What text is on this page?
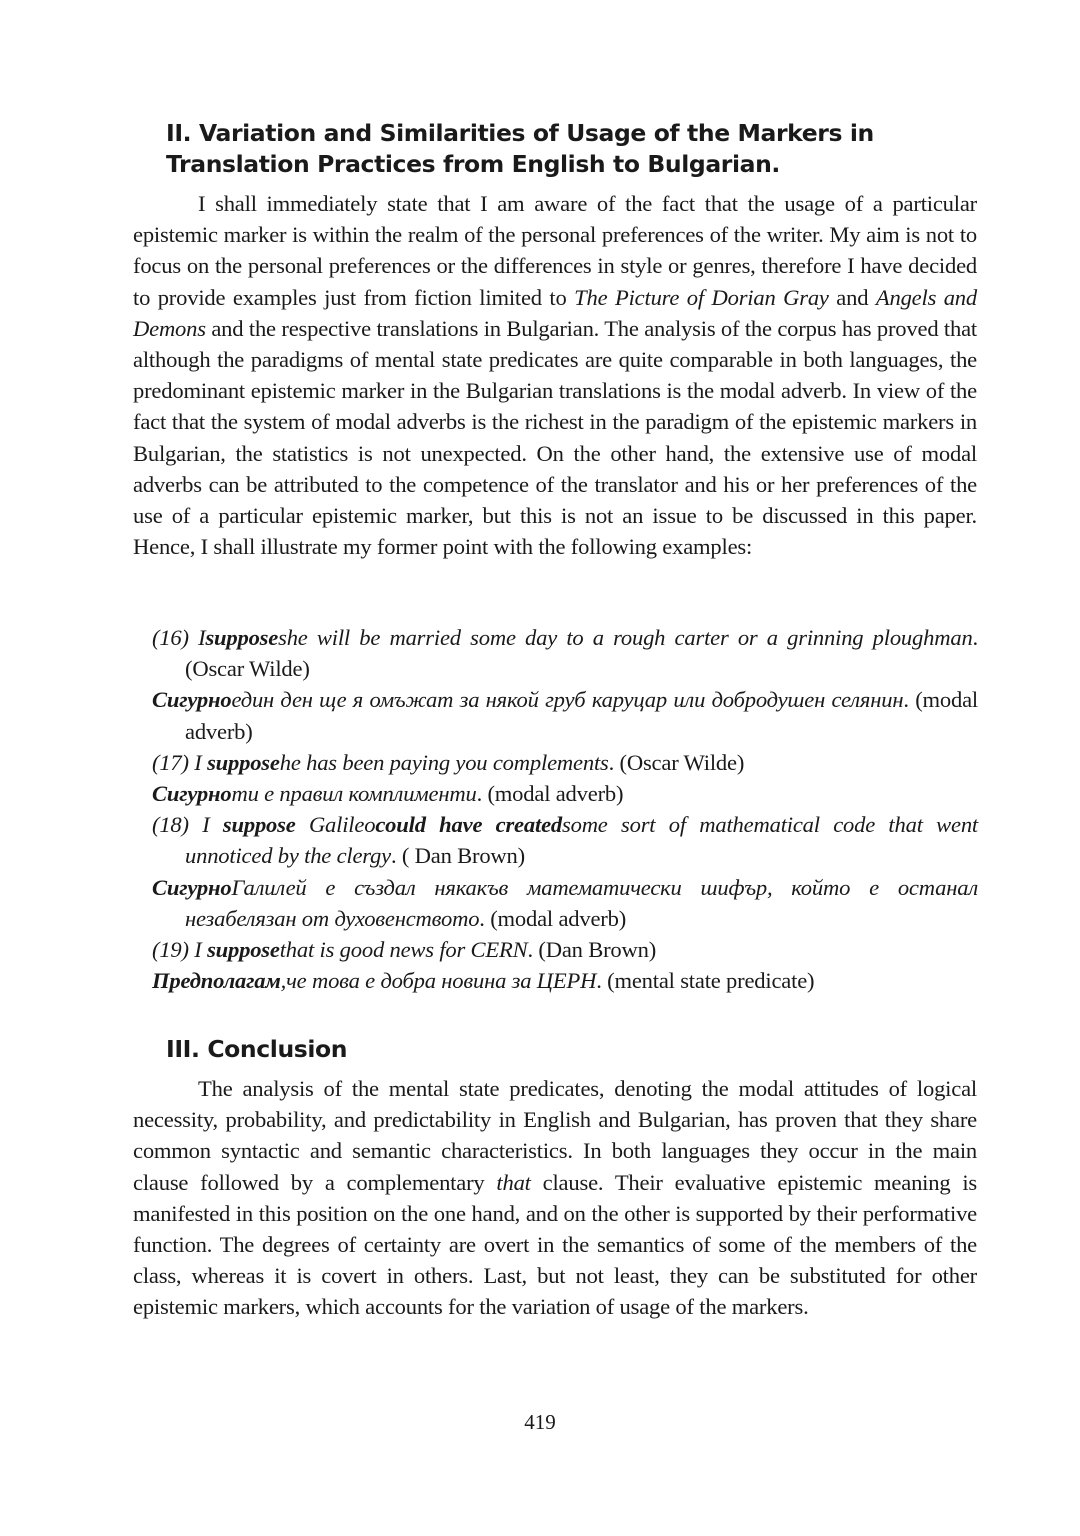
II. Variation and Similarities of Usage of the Markers in Translation Practices from English to Bulgarian.

I shall immediately state that I am aware of the fact that the usage of a particular epistemic marker is within the realm of the personal preferences of the writer. My aim is not to focus on the personal preferences or the differences in style or genres, therefore I have decided to provide examples just from fiction limited to The Picture of Dorian Gray and Angels and Demons and the respective translations in Bulgarian. The analysis of the corpus has proved that although the paradigms of mental state predicates are quite comparable in both languages, the predominant epistemic marker in the Bulgarian translations is the modal adverb. In view of the fact that the system of modal adverbs is the richest in the paradigm of the epistemic markers in Bulgarian, the statistics is not unexpected. On the other hand, the extensive use of modal adverbs can be attributed to the competence of the translator and his or her preferences of the use of a particular epistemic marker, but this is not an issue to be discussed in this paper. Hence, I shall illustrate my former point with the following examples:

(16) Isupposeshe will be married some day to a rough carter or a grinning ploughman. (Oscar Wilde)
Сигурноедин ден ще я омъжат за някой груб каруцар или добродушен селянин. (modal adverb)
(17) I supposehe has been paying you complements. (Oscar Wilde)
Сигурноти е правил комплименти. (modal adverb)
(18) I suppose Galileocould have createdsome sort of mathematical code that went unnoticed by the clergy. ( Dan Brown)
СигурноГалилей е създал някакъв математически шифър, който е останал незабелязан от духовенството. (modal adverb)
(19) I supposethat is good news for CERN. (Dan Brown)
Предполагам,че това е добра новина за ЦЕРН. (mental state predicate)
III. Conclusion

The analysis of the mental state predicates, denoting the modal attitudes of logical necessity, probability, and predictability in English and Bulgarian, has proven that they share common syntactic and semantic characteristics. In both languages they occur in the main clause followed by a complementary that clause. Their evaluative epistemic meaning is manifested in this position on the one hand, and on the other is supported by their performative function. The degrees of certainty are overt in the semantics of some of the members of the class, whereas it is covert in others. Last, but not least, they can be substituted for other epistemic markers, which accounts for the variation of usage of the markers.

419
